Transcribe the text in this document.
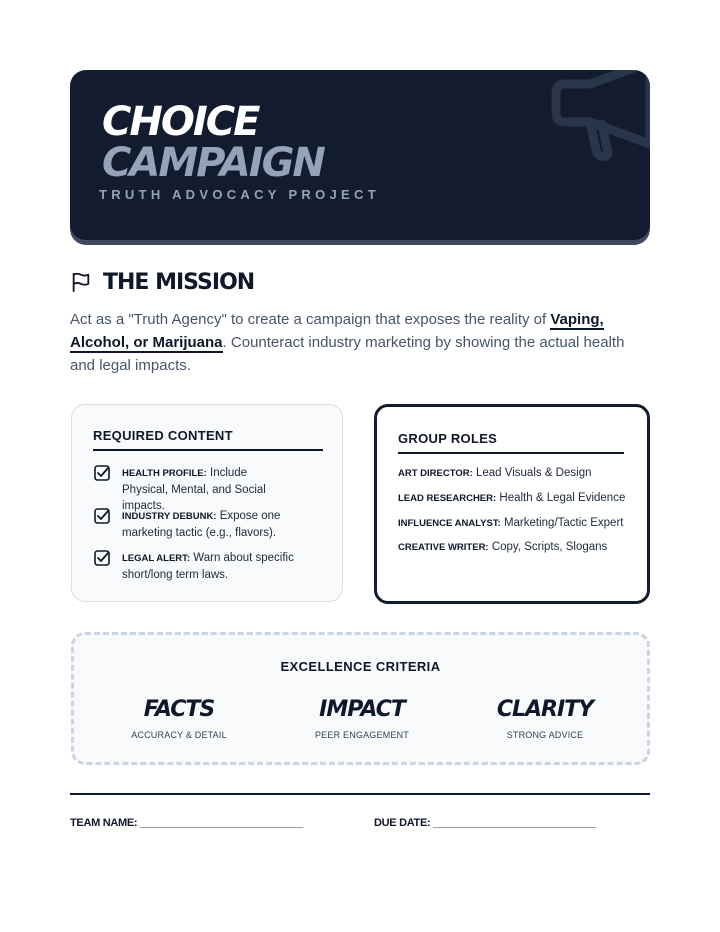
CHOICE
CAMPAIGN
TRUTH ADVOCACY PROJECT
THE MISSION
Act as a "Truth Agency" to create a campaign that exposes the reality of Vaping, Alcohol, or Marijuana. Counteract industry marketing by showing the actual health and legal impacts.
REQUIRED CONTENT
HEALTH PROFILE: Include Physical, Mental, and Social impacts.
INDUSTRY DEBUNK: Expose one marketing tactic (e.g., flavors).
LEGAL ALERT: Warn about specific short/long term laws.
GROUP ROLES
ART DIRECTOR: Lead Visuals & Design
LEAD RESEARCHER: Health & Legal Evidence
INFLUENCE ANALYST: Marketing/Tactic Expert
CREATIVE WRITER: Copy, Scripts, Slogans
EXCELLENCE CRITERIA
FACTS
ACCURACY & DETAIL
IMPACT
PEER ENGAGEMENT
CLARITY
STRONG ADVICE
TEAM NAME: ____________________________	DUE DATE: ____________________________
